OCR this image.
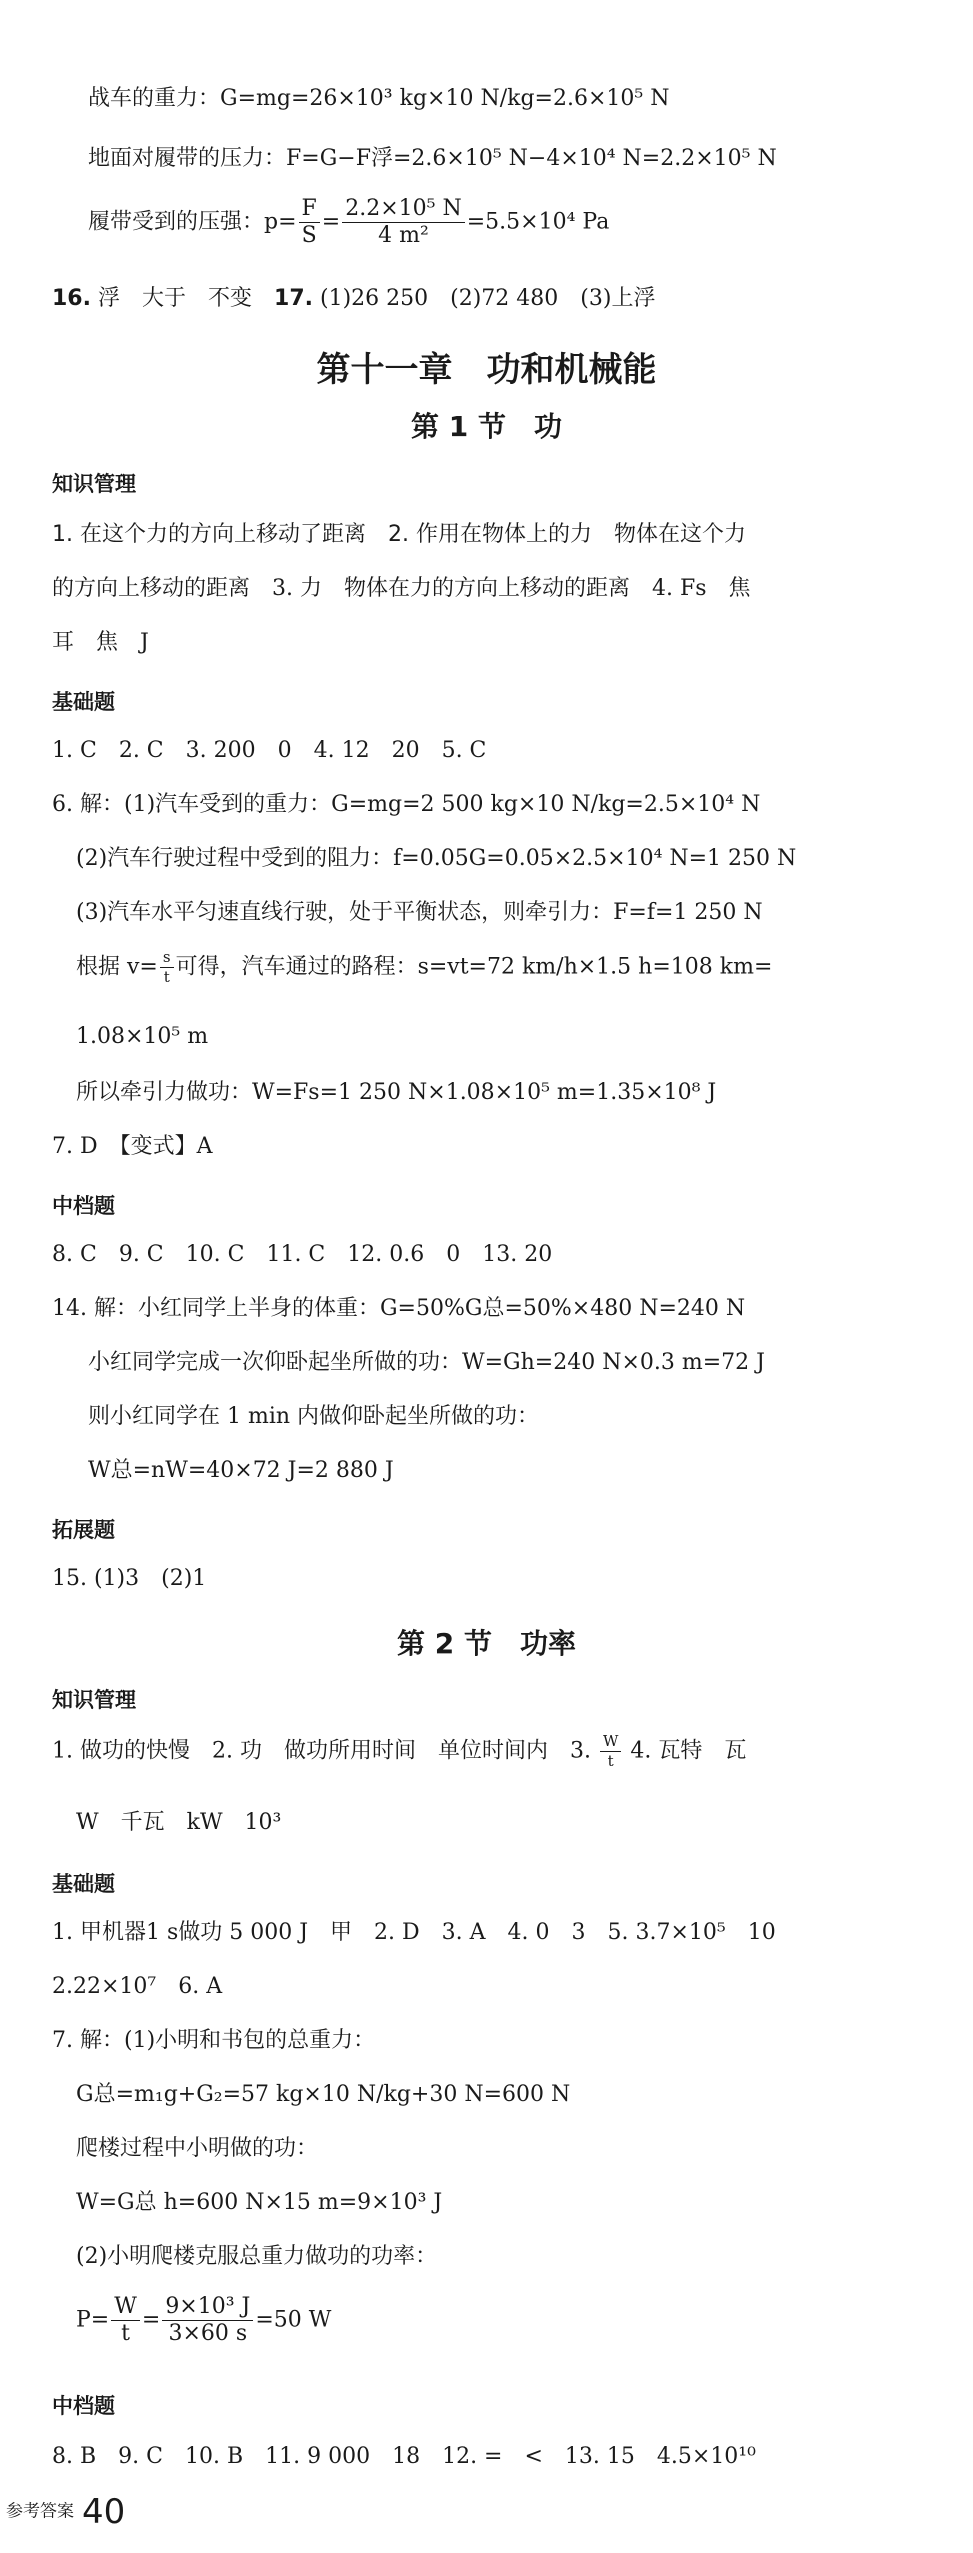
战车的重力：G=mg=26×10³ kg×10 N/kg=2.6×10⁵ N
地面对履带的压力：F=G−F浮=2.6×10⁵ N−4×10⁴ N=2.2×10⁵ N
履带受到的压强：$p= \frac{F}{S} = \frac{\text{2.2×10⁵ N}}{\text{4 m²}} =5.5\times 10^4$ Pa
16. 浮　大于　不变　 17. (1)26 250　(2)72 480　(3)上浮
第十一章　功和机械能
第 1 节　功
知识管理
1. 在这个力的方向上移动了距离　2. 作用在物体上的力　物体在这个力
的方向上移动的距离　3. 力　物体在力的方向上移动的距离　4. Fs　焦
耳　焦　J
基础题
1. C　2. C　3. 200　0　4. 12　20　5. C
6. 解：(1)汽车受到的重力：G=mg=2 500 kg×10 N/kg=2.5×10⁴ N
(2)汽车行驶过程中受到的阻力：f=0.05G=0.05×2.5×10⁴ N=1 250 N
(3)汽车水平匀速直线行驶，处于平衡状态，则牵引力：F=f=1 250 N
根据 $v= \frac{s}{t}$ 可得，汽车通过的路程：s=vt=72 km/h×1.5 h=108 km=
1.08×10⁵ m
所以牵引力做功：W=Fs=1 250 N×1.08×10⁵ m=1.35×10⁸ J
7. D　【变式】A
中档题
8. C　9. C　10. C　11. C　12. 0.6　0　13. 20
14. 解：小红同学上半身的体重：G=50%G总=50%×480 N=240 N
小红同学完成一次仰卧起坐所做的功：W=Gh=240 N×0.3 m=72 J
则小红同学在 1 min 内做仰卧起坐所做的功：
W总=nW=40×72 J=2 880 J
拓展题
15. (1)3　(2)1
第 2 节　功率
知识管理
1. 做功的快慢　2. 功　做功所用时间　单位时间内　3. $\frac{W}{t} 4$. 瓦特　瓦
W　千瓦　kW　10³
基础题
1. 甲机器1 s做功 5 000 J　甲　2. D　3. A　4. 0　3　5. 3.7×10⁵　10
2.22×10⁷　6. A
7. 解：(1)小明和书包的总重力：
G总=m₁g+G₂=57 kg×10 N/kg+30 N=600 N
爬楼过程中小明做的功：
W=G总 h=600 N×15 m=9×10³ J
(2)小明爬楼克服总重力做功的功率：
$P= \frac{W}{t} = \frac{\text{9×10³ J}}{3\times 60 s} =50$ W
中档题
8. B　9. C　10. B　11. 9 000　18　12. =　<　13. 15　4.5×10¹⁰
参考答案 40
